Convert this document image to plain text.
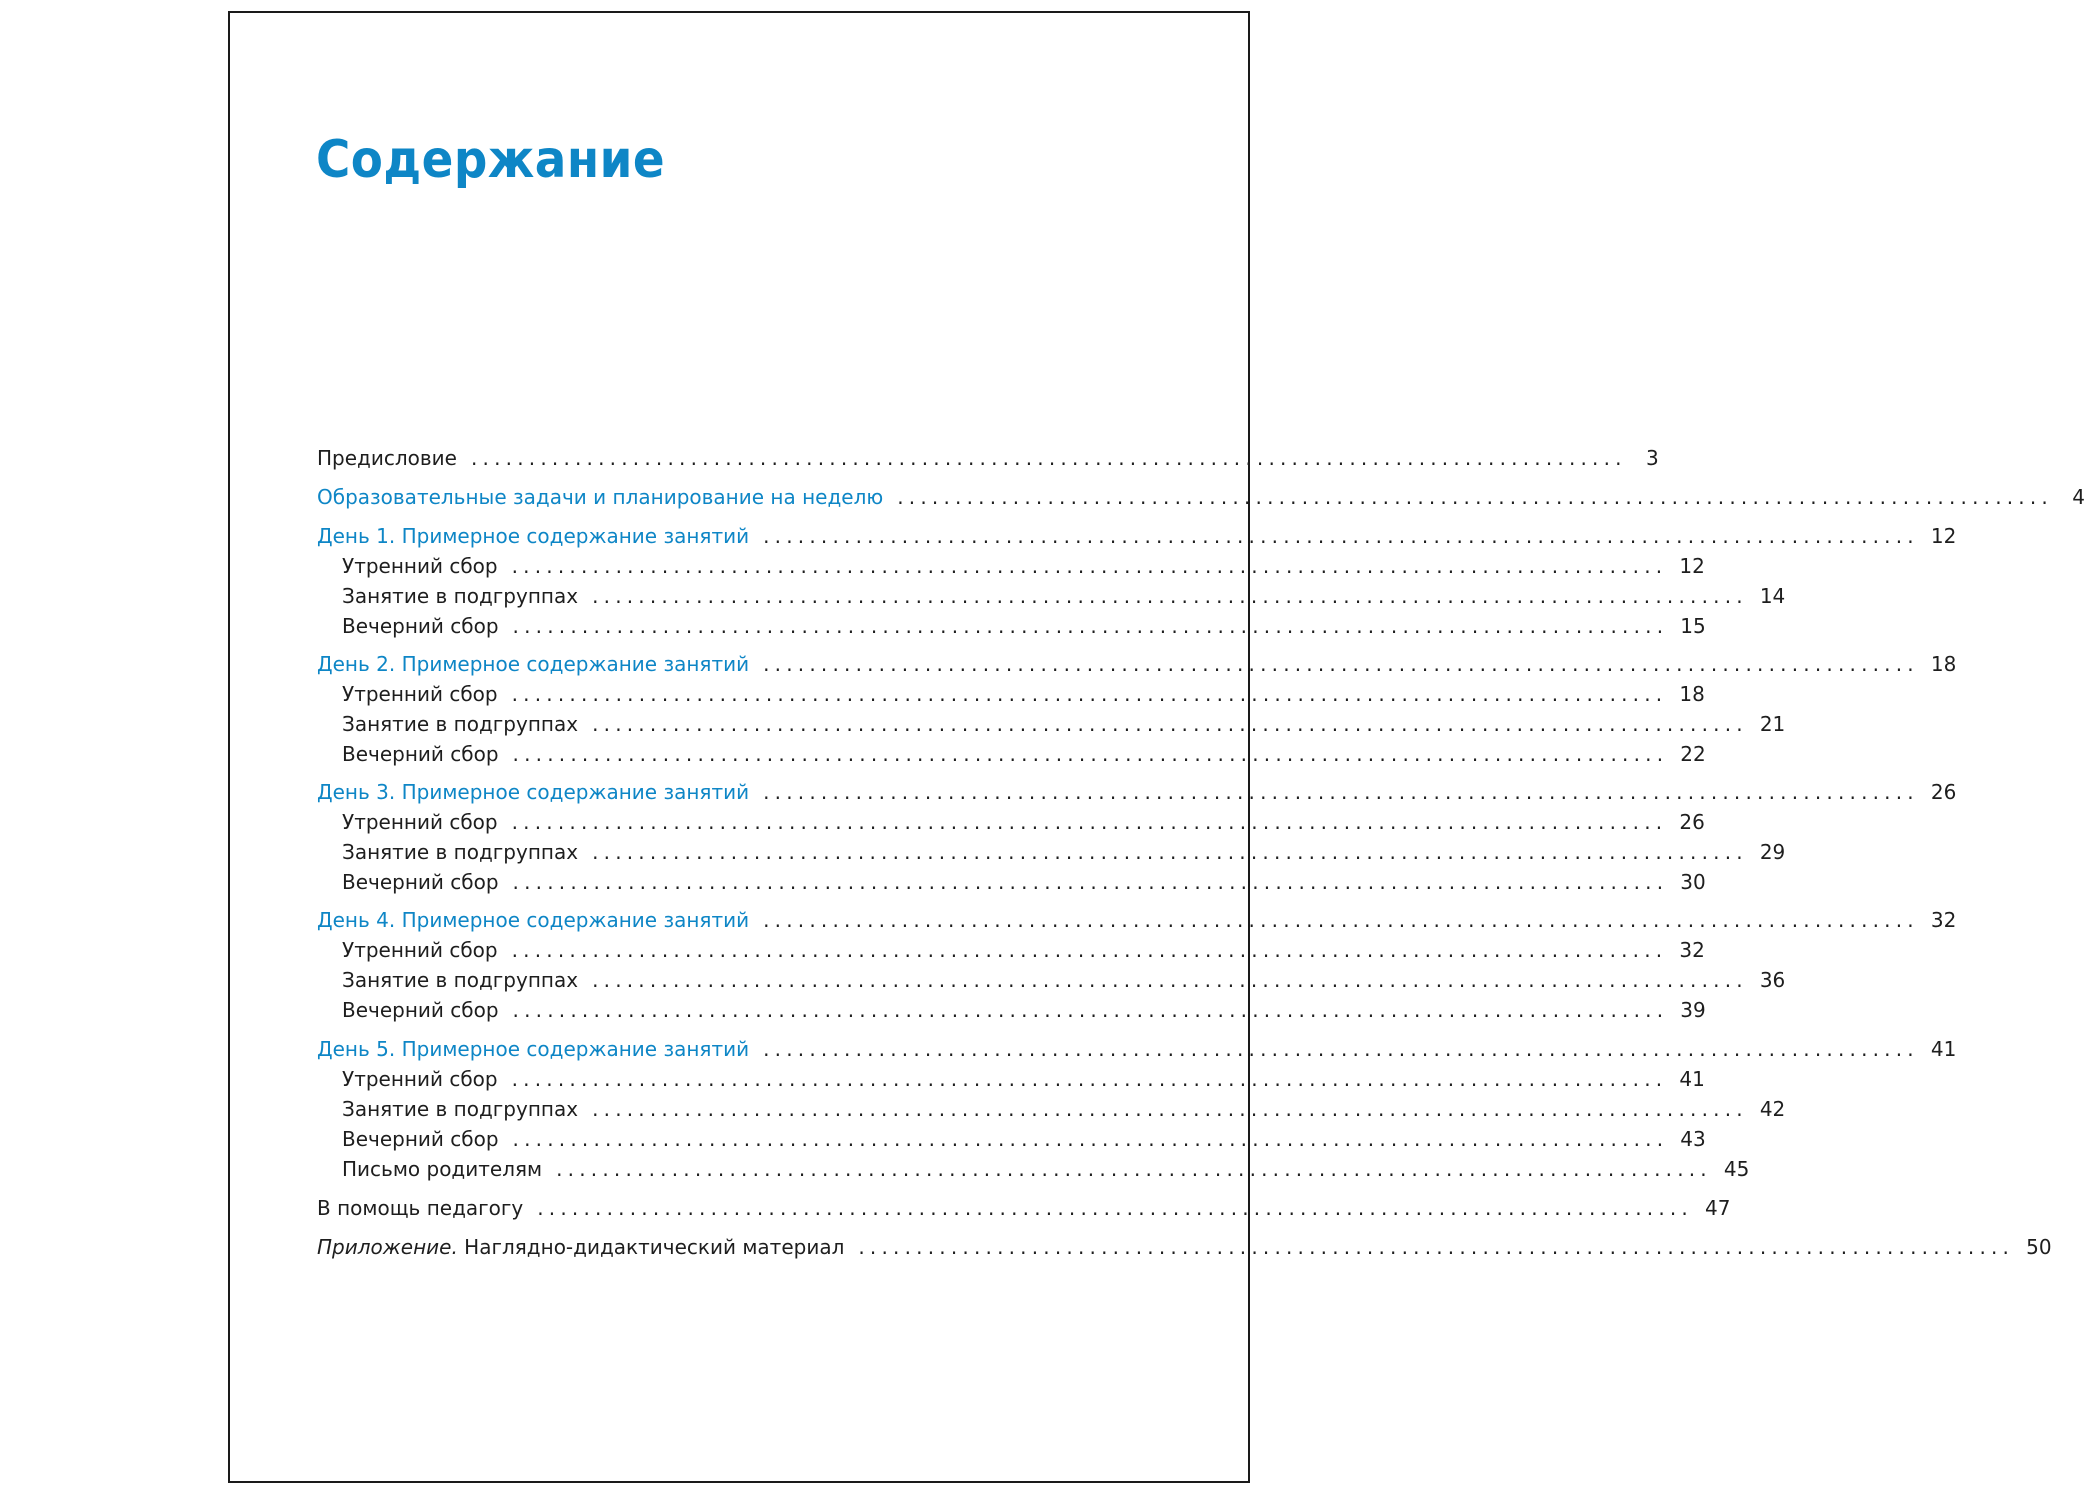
Содержание
Предисловие .................................................................................................... 3
Образовательные задачи и планирование на неделю .................................................................................................... 4
День 1. Примерное содержание занятий .................................................................................................... 12
Утренний сбор .................................................................................................... 12
Занятие в подгруппах .................................................................................................... 14
Вечерний сбор .................................................................................................... 15
День 2. Примерное содержание занятий .................................................................................................... 18
Утренний сбор .................................................................................................... 18
Занятие в подгруппах .................................................................................................... 21
Вечерний сбор .................................................................................................... 22
День 3. Примерное содержание занятий .................................................................................................... 26
Утренний сбор .................................................................................................... 26
Занятие в подгруппах .................................................................................................... 29
Вечерний сбор .................................................................................................... 30
День 4. Примерное содержание занятий .................................................................................................... 32
Утренний сбор .................................................................................................... 32
Занятие в подгруппах .................................................................................................... 36
Вечерний сбор .................................................................................................... 39
День 5. Примерное содержание занятий .................................................................................................... 41
Утренний сбор .................................................................................................... 41
Занятие в подгруппах .................................................................................................... 42
Вечерний сбор .................................................................................................... 43
Письмо родителям .................................................................................................... 45
В помощь педагогу .................................................................................................... 47
Приложение. Наглядно-дидактический материал .................................................................................................... 50
